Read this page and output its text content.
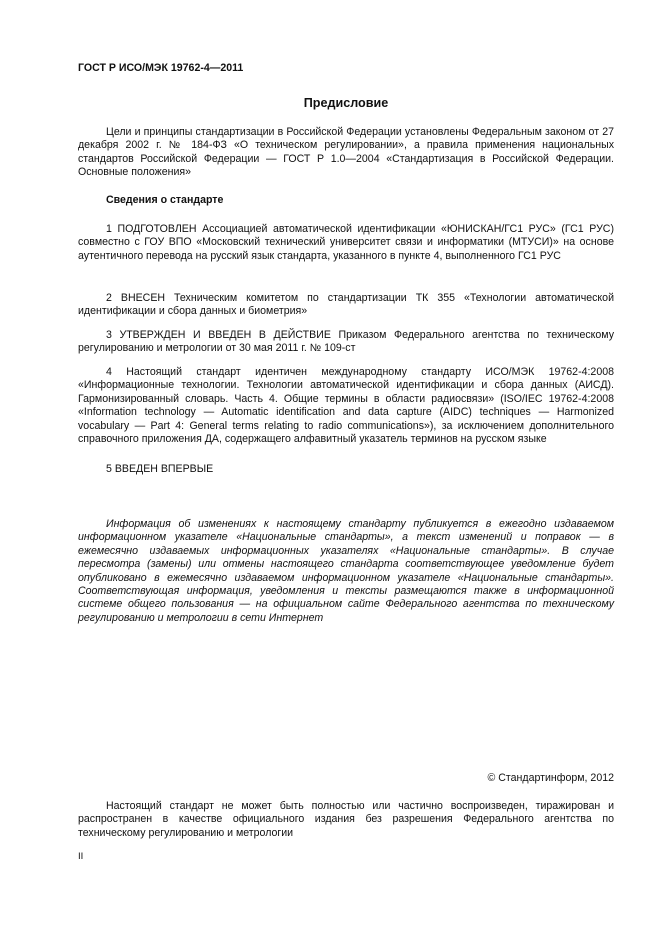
ГОСТ Р ИСО/МЭК 19762-4—2011
Предисловие

Цели и принципы стандартизации в Российской Федерации установлены Федеральным законом от 27 декабря 2002 г. № 184-ФЗ «О техническом регулировании», а правила применения национальных стандартов Российской Федерации — ГОСТ Р 1.0—2004 «Стандартизация в Российской Федерации. Основные положения»

Сведения о стандарте

1 ПОДГОТОВЛЕН Ассоциацией автоматической идентификации «ЮНИСКАН/ГС1 РУС» (ГС1 РУС) совместно с ГОУ ВПО «Московский технический университет связи и информатики (МТУСИ)» на основе аутентичного перевода на русский язык стандарта, указанного в пункте 4, выполненного ГС1 РУС

2 ВНЕСЕН Техническим комитетом по стандартизации ТК 355 «Технологии автоматической идентификации и сбора данных и биометрия»

3 УТВЕРЖДЕН И ВВЕДЕН В ДЕЙСТВИЕ Приказом Федерального агентства по техническому регулированию и метрологии от 30 мая 2011 г. № 109-ст

4 Настоящий стандарт идентичен международному стандарту ИСО/МЭК 19762-4:2008 «Информационные технологии. Технологии автоматической идентификации и сбора данных (АИСД). Гармонизированный словарь. Часть 4. Общие термины в области радиосвязи» (ISO/IEC 19762-4:2008 «Information technology — Automatic identification and data capture (AIDC) techniques — Harmonized vocabulary — Part 4: General terms relating to radio communications»), за исключением дополнительного справочного приложения ДА, содержащего алфавитный указатель терминов на русском языке

5 ВВЕДЕН ВПЕРВЫЕ

Информация об изменениях к настоящему стандарту публикуется в ежегодно издаваемом информационном указателе «Национальные стандарты», а текст изменений и поправок — в ежемесячно издаваемых информационных указателях «Национальные стандарты». В случае пересмотра (замены) или отмены настоящего стандарта соответствующее уведомление будет опубликовано в ежемесячно издаваемом информационном указателе «Национальные стандарты». Соответствующая информация, уведомления и тексты размещаются также в информационной системе общего пользования — на официальном сайте Федерального агентства по техническому регулированию и метрологии в сети Интернет

© Стандартинформ, 2012

Настоящий стандарт не может быть полностью или частично воспроизведен, тиражирован и распространен в качестве официального издания без разрешения Федерального агентства по техническому регулированию и метрологии

II
